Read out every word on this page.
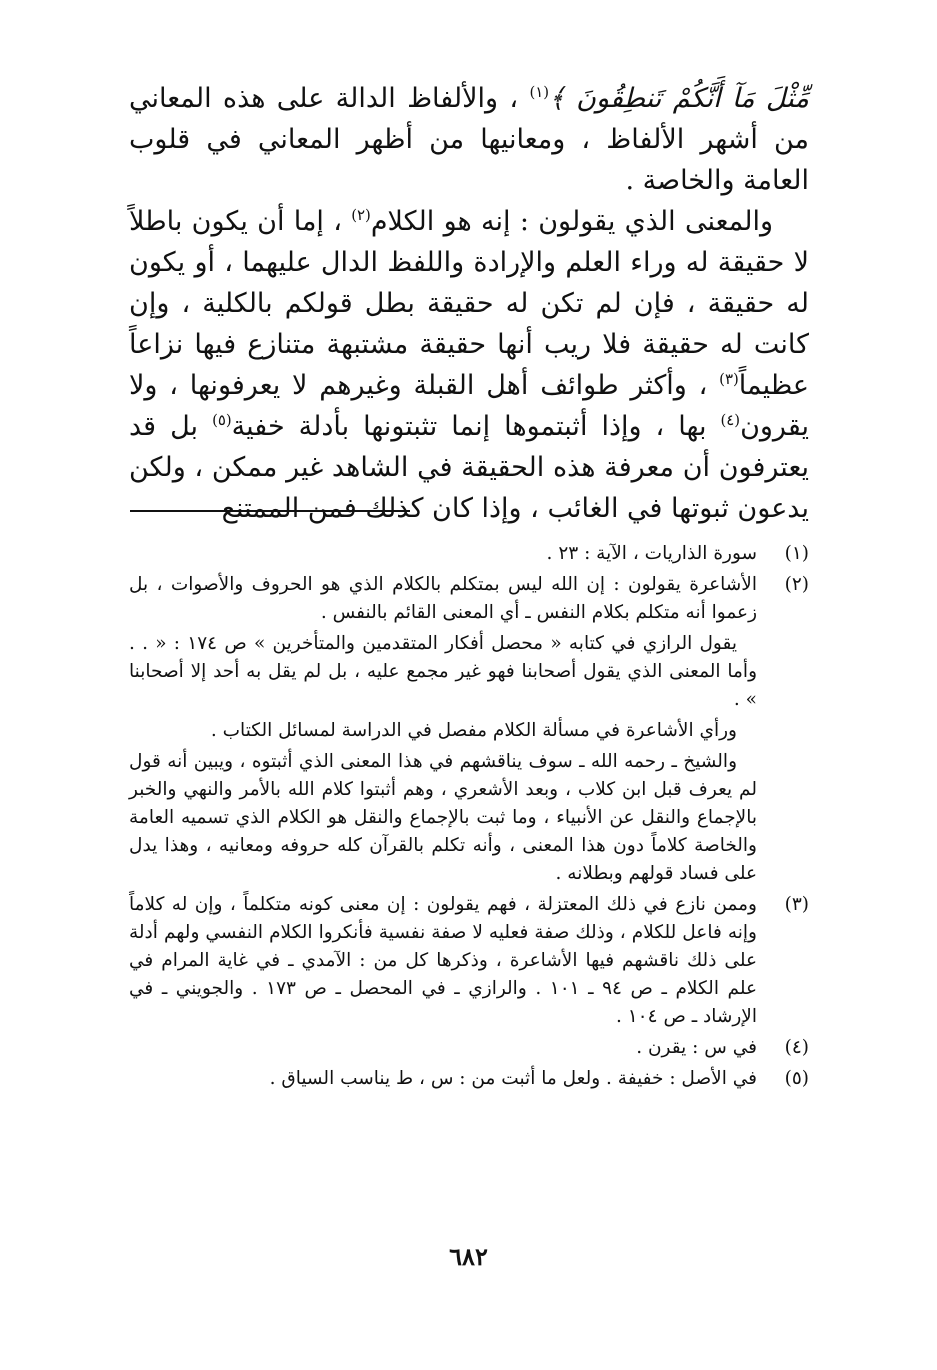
مِّثْلَ مَآ أَنَّكُمْ تَنطِقُونَ ﴾$^{(١)}$ ، والألفاظ الدالة على هذه المعاني من أشهر الألفاظ ، ومعانيها من أظهر المعاني في قلوب العامة والخاصة .

والمعنى الذي يقولون : إنه هو الكلام$^{(٢)}$ ، إما أن يكون باطلاً لا حقيقة له وراء العلم والإرادة واللفظ الدال عليهما ، أو يكون له حقيقة ، فإن لم تكن له حقيقة بطل قولكم بالكلية ، وإن كانت له حقيقة فلا ريب أنها حقيقة مشتبهة متنازع فيها نزاعاً عظيماً$^{(٣)}$ ، وأكثر طوائف أهل القبلة وغيرهم لا يعرفونها ، ولا يقرون$^{(٤)}$ بها ، وإذا أثبتموها إنما تثبتونها بأدلة خفية$^{(٥)}$ بل قد يعترفون أن معرفة هذه الحقيقة في الشاهد غير ممكن ، ولكن يدعون ثبوتها في الغائب ، وإذا كان كذلك فمن الممتنع

(١)
سورة الذاريات ، الآية : ٢٣ .
(٢)
الأشاعرة يقولون : إن الله ليس بمتكلم بالكلام الذي هو الحروف والأصوات ، بل زعموا أنه متكلم بكلام النفس ـ أي المعنى القائم بالنفس .
يقول الرازي في كتابه « محصل أفكار المتقدمين والمتأخرين » ص ١٧٤ : « . . وأما المعنى الذي يقول أصحابنا فهو غير مجمع عليه ، بل لم يقل به أحد إلا أصحابنا » .
ورأي الأشاعرة في مسألة الكلام مفصل في الدراسة لمسائل الكتاب .
والشيخ ـ رحمه الله ـ سوف يناقشهم في هذا المعنى الذي أثبتوه ، ويبين أنه قول لم يعرف قبل ابن كلاب ، وبعد الأشعري ، وهم أثبتوا كلام الله بالأمر والنهي والخبر بالإجماع والنقل عن الأنبياء ، وما ثبت بالإجماع والنقل هو الكلام الذي تسميه العامة والخاصة كلاماً دون هذا المعنى ، وأنه تكلم بالقرآن كله حروفه ومعانيه ، وهذا يدل على فساد قولهم وبطلانه .
(٣)
وممن نازع في ذلك المعتزلة ، فهم يقولون : إن معنى كونه متكلماً ، وإن له كلاماً وإنه فاعل للكلام ، وذلك صفة فعليه لا صفة نفسية فأنكروا الكلام النفسي ولهم أدلة على ذلك ناقشهم فيها الأشاعرة ، وذكرها كل من : الآمدي ـ في غاية المرام في علم الكلام ـ ص ٩٤ ـ ١٠١ . والرازي ـ في المحصل ـ ص ١٧٣ . والجويني ـ في الإرشاد ـ ص ١٠٤ .
(٤)
في س : يقرن .
(٥)
في الأصل : خفيفة . ولعل ما أثبت من : س ، ط يناسب السياق .
٦٨٢
